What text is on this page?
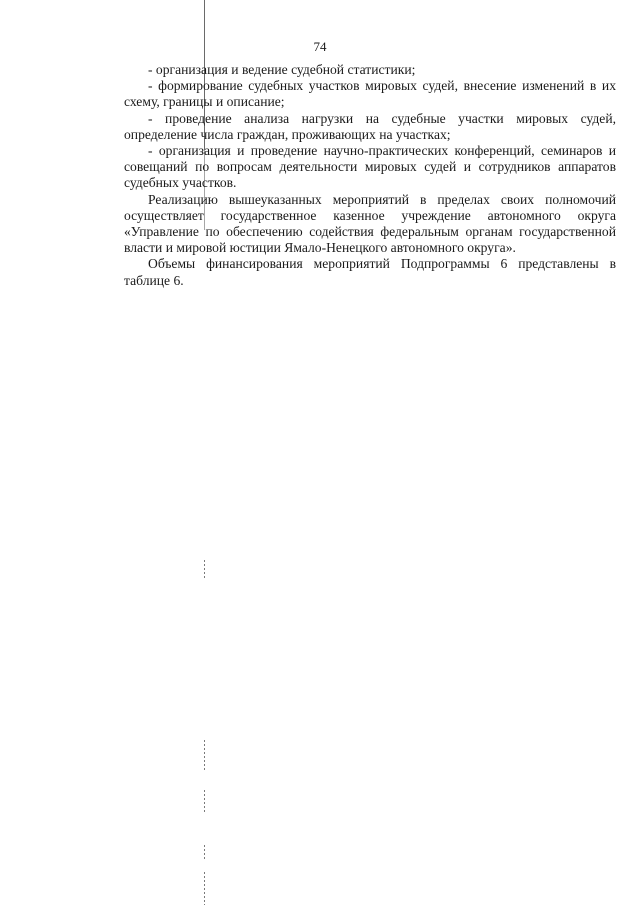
74

- организация и ведение судебной статистики;

- формирование судебных участков мировых судей, внесение изменений в их схему, границы и описание;

- проведение анализа нагрузки на судебные участки мировых судей, определение числа граждан, проживающих на участках;

- организация и проведение научно-практических конференций, семинаров и совещаний по вопросам деятельности мировых судей и сотрудников аппаратов судебных участков.

Реализацию вышеуказанных мероприятий в пределах своих полномочий осуществляет государственное казенное учреждение автономного округа «Управление по обеспечению содействия федеральным органам государственной власти и мировой юстиции Ямало-Ненецкого автономного округа».

Объемы финансирования мероприятий Подпрограммы 6 представлены в таблице 6.
